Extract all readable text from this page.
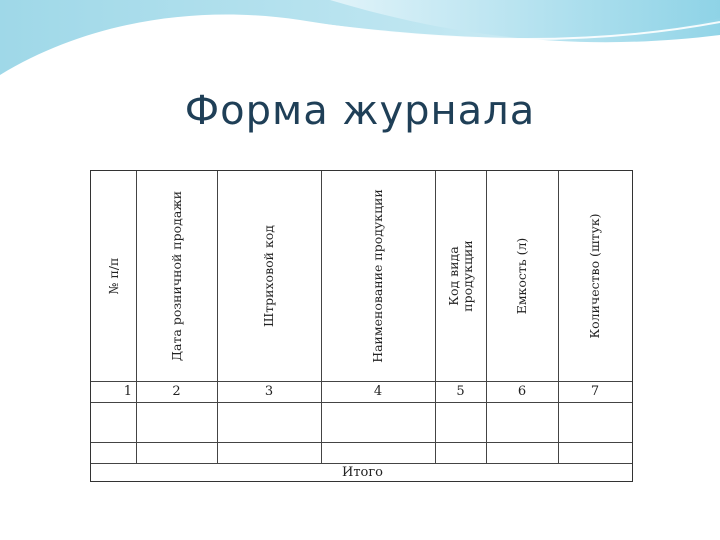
Форма журнала
№ п/п	Дата розничной продажи	Штриховой код	Наименование продукции	Код вида продукции	Емкость (л)	Количество (штук)
1	2	3	4	5	6	7
Итого
